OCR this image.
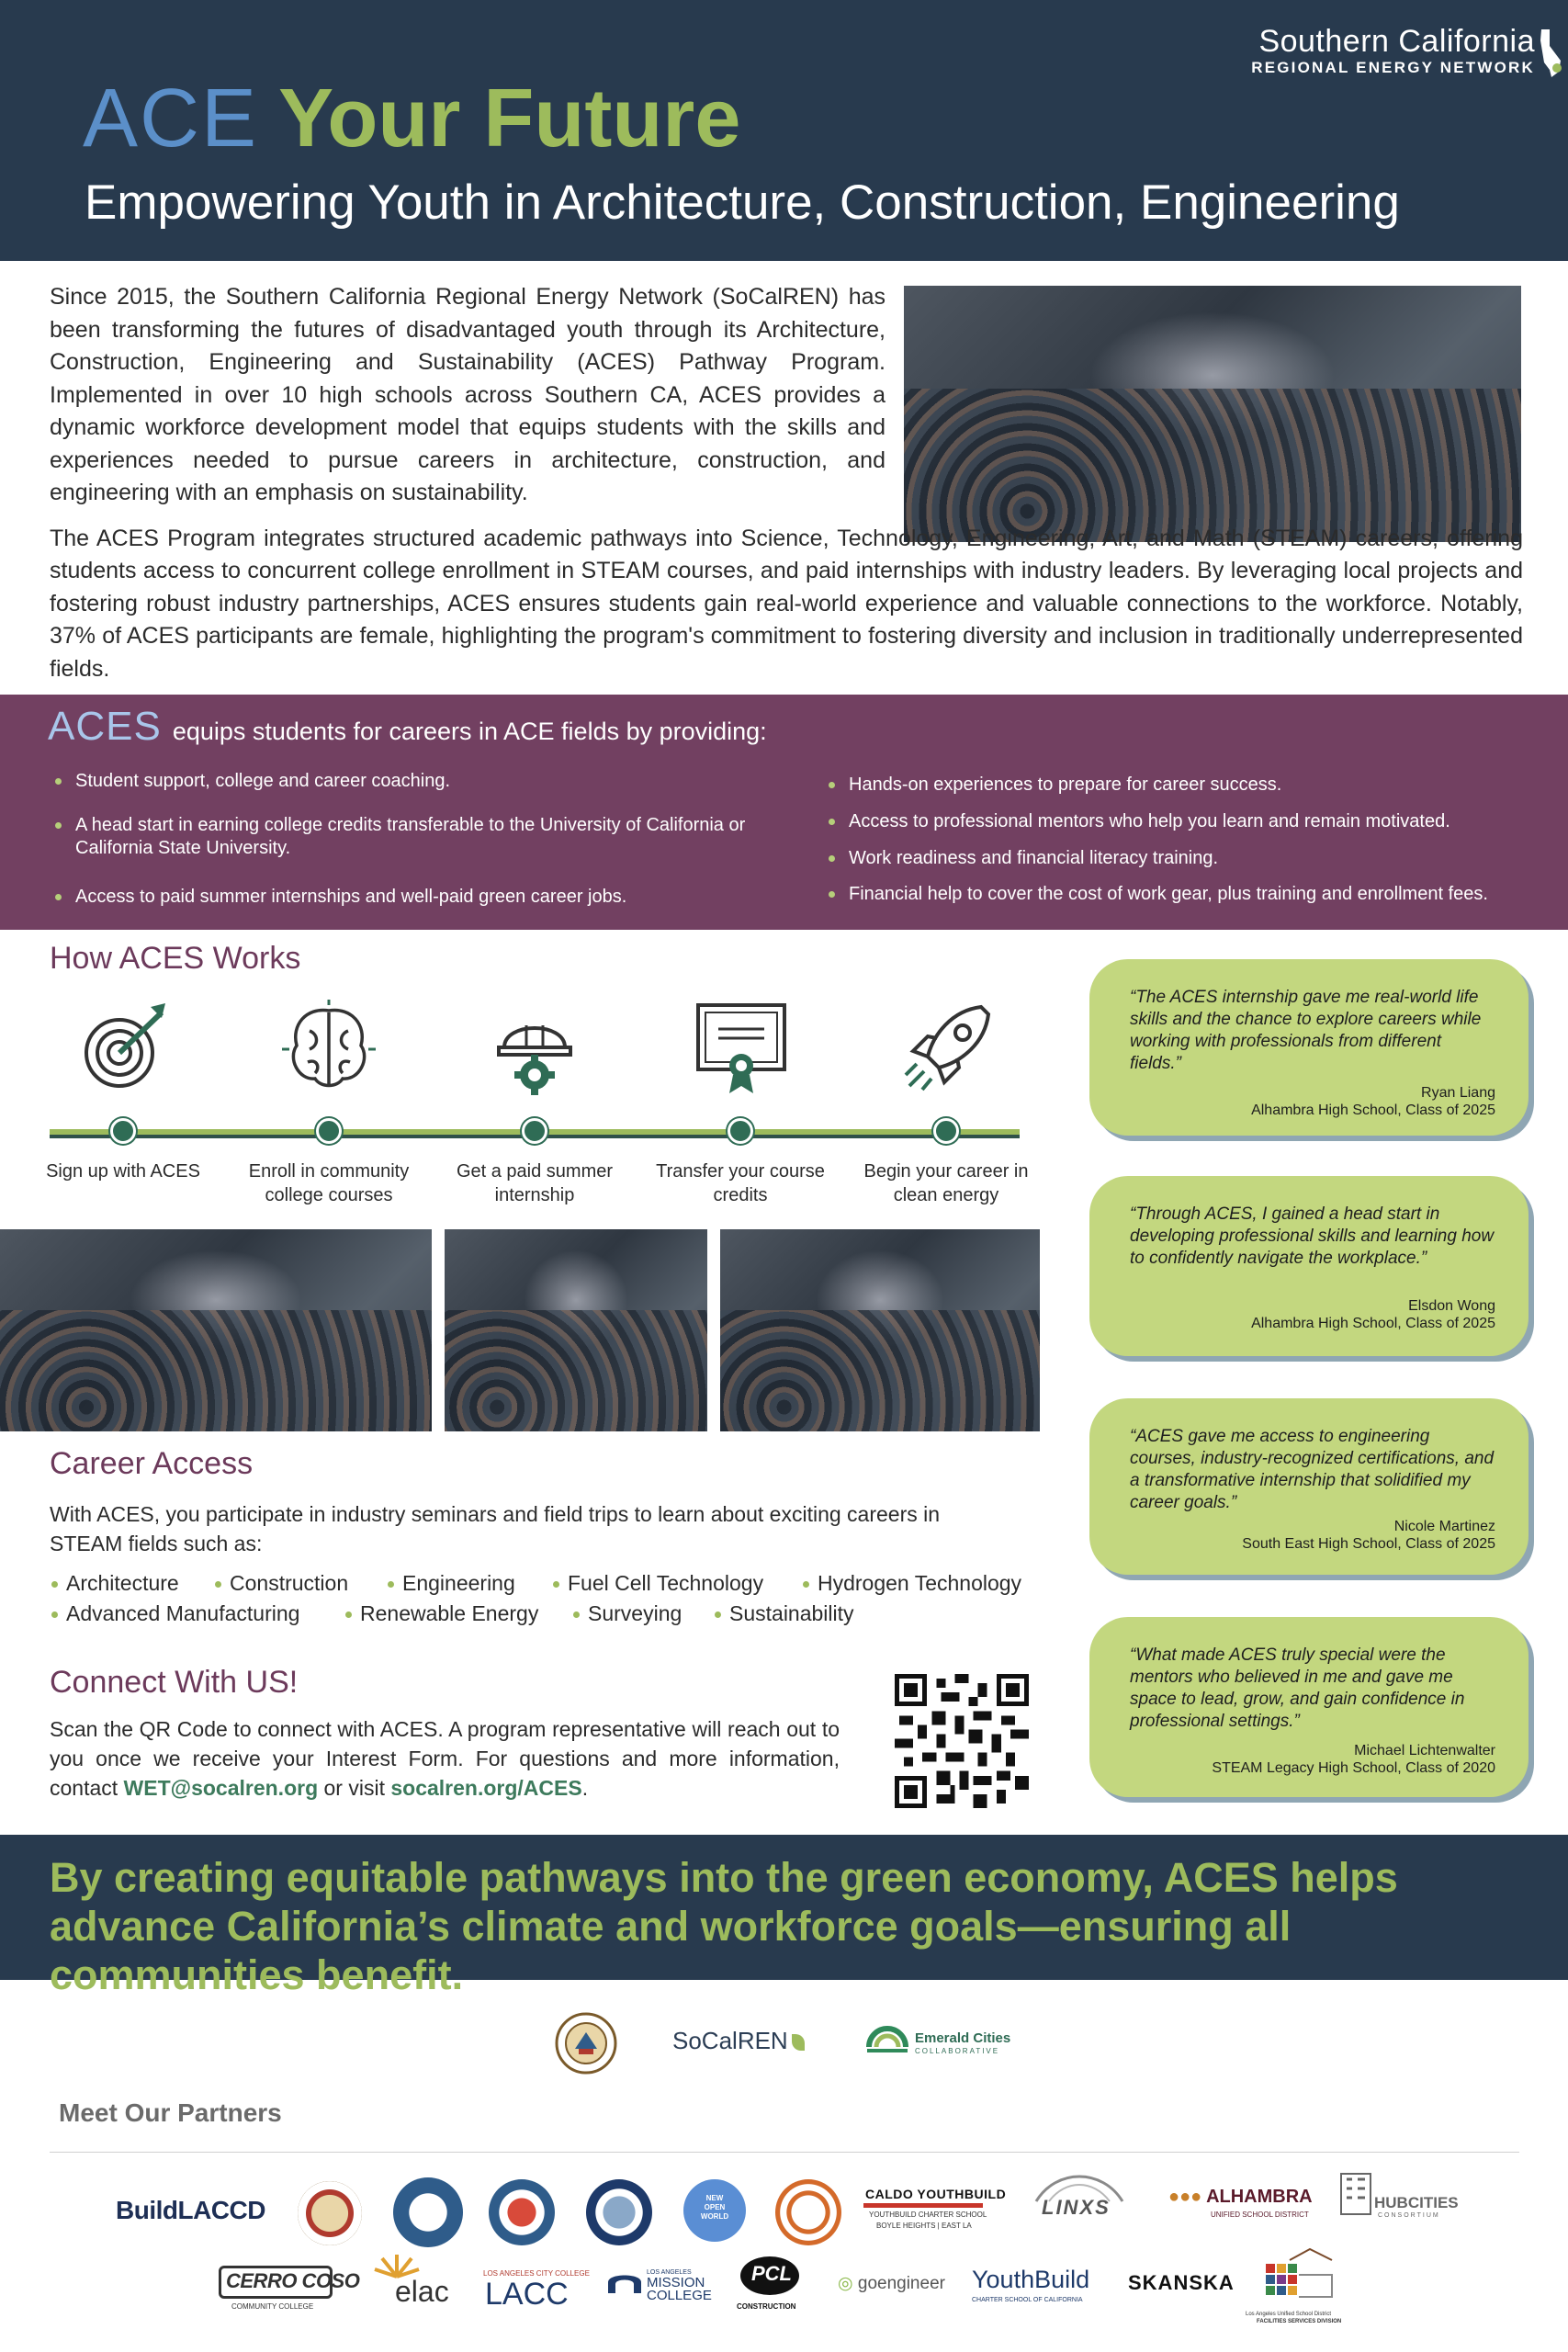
Southern California
REGIONAL ENERGY NETWORK
ACE Your Future
Empowering Youth in Architecture, Construction, Engineering

Since 2015, the Southern California Regional Energy Network (SoCalREN) has been transforming the futures of disadvantaged youth through its Architecture, Construction, Engineering and Sustainability (ACES) Pathway Program. Implemented in over 10 high schools across Southern CA, ACES provides a dynamic workforce development model that equips students with the skills and experiences needed to pursue careers in architecture, construction, and engineering with an emphasis on sustainability.

The ACES Program integrates structured academic pathways into Science, Technology, Engineering, Art, and Math (STEAM) careers, offering students access to concurrent college enrollment in STEAM courses, and paid internships with industry leaders. By leveraging local projects and fostering robust industry partnerships, ACES ensures students gain real-world experience and valuable connections to the workforce. Notably, 37% of ACES participants are female, highlighting the program's commitment to fostering diversity and inclusion in traditionally underrepresented fields.

ACES equips students for careers in ACE fields by providing:
Student support, college and career coaching.
A head start in earning college credits transferable to the University of California or California State University.
Access to paid summer internships and well-paid green career jobs.
Hands-on experiences to prepare for career success.
Access to professional mentors who help you learn and remain motivated.
Work readiness and financial literacy training.
Financial help to cover the cost of work gear, plus training and enrollment fees.
How ACES Works
Sign up with ACES	Enroll in community college courses
Get a paid summer internship
Transfer your course credits
Begin your career in clean energy
“The ACES internship gave me real-world life skills and the chance to explore careers while working with professionals from different fields.”
Ryan Liang
Alhambra High School, Class of 2025
“Through ACES, I gained a head start in developing professional skills and learning how to confidently navigate the workplace.”
Elsdon Wong
Alhambra High School, Class of 2025
“ACES gave me access to engineering courses, industry-recognized certifications, and a transformative internship that solidified my career goals.”
Nicole Martinez
South East High School, Class of 2025
“What made ACES truly special were the mentors who believed in me and gave me space to lead, grow, and gain confidence in professional settings.”
Michael Lichtenwalter
STEAM Legacy High School, Class of 2020
Career Access
With ACES, you participate in industry seminars and field trips to learn about exciting careers in STEAM fields such as:
Architecture	Construction	Engineering	Fuel Cell Technology	Hydrogen Technology
Advanced Manufacturing	Renewable Energy	Surveying	Sustainability
Connect With US!
Scan the QR Code to connect with ACES. A program representative will reach out to you once we receive your Interest Form. For questions and more information, contact WET@socalren.org or visit socalren.org/ACES.
By creating equitable pathways into the green economy, ACES helps advance California’s climate and workforce goals—ensuring all communities benefit.
SoCalREN	Emerald Cities
COLLABORATIVE
Meet Our Partners
BuildLACCD	NEW OPEN WORLD
CALDO YOUTHBUILD
YOUTHBUILD CHARTER SCHOOL
BOYLE HEIGHTS | EAST LA
LINXS	●●● ALHAMBRA
UNIFIED SCHOOL DISTRICT
HUBCITIES
CONSORTIUM
CERRO COSO
COMMUNITY COLLEGE	elac
LOS ANGELES CITY COLLEGE
LACC
LOS ANGELES
MISSION
COLLEGE
PCL
CONSTRUCTION
◎ goengineer YouthBuild
CHARTER SCHOOL OF CALIFORNIA
SKANSKA
Los Angeles Unified School District
FACILITIES SERVICES DIVISION
